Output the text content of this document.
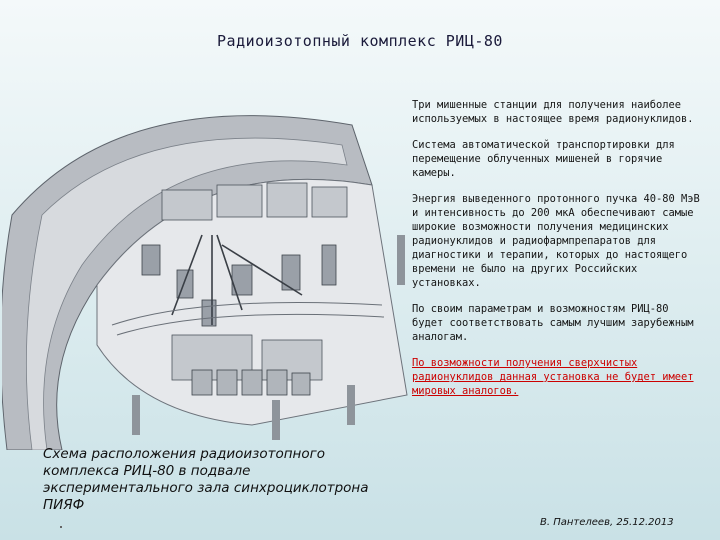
Радиоизотопный комплекс РИЦ-80

Три мишенные станции для получения наиболее используемых в настоящее время радионуклидов.

Система автоматической транспортировки для перемещение облученных мишеней в горячие камеры.

Энергия выведенного протонного пучка 40-80 МэВ и интенсивность до 200 мкА обеспечивают самые широкие возможности получения медицинских радионуклидов и радиофармпрепаратов для диагностики и терапии, которых до настоящего времени не было на других Российских установках.

По своим параметрам и возможностям РИЦ-80 будет соответствовать самым лучшим зарубежным аналогам.

По возможности получения сверхчистых радионуклидов данная установка не будет имеет мировых аналогов.

Схема расположения радиоизотопного комплекса РИЦ-80 в подвале экспериментального зала синхроциклотрона ПИЯФ
В. Пантелеев, 25.12.2013
